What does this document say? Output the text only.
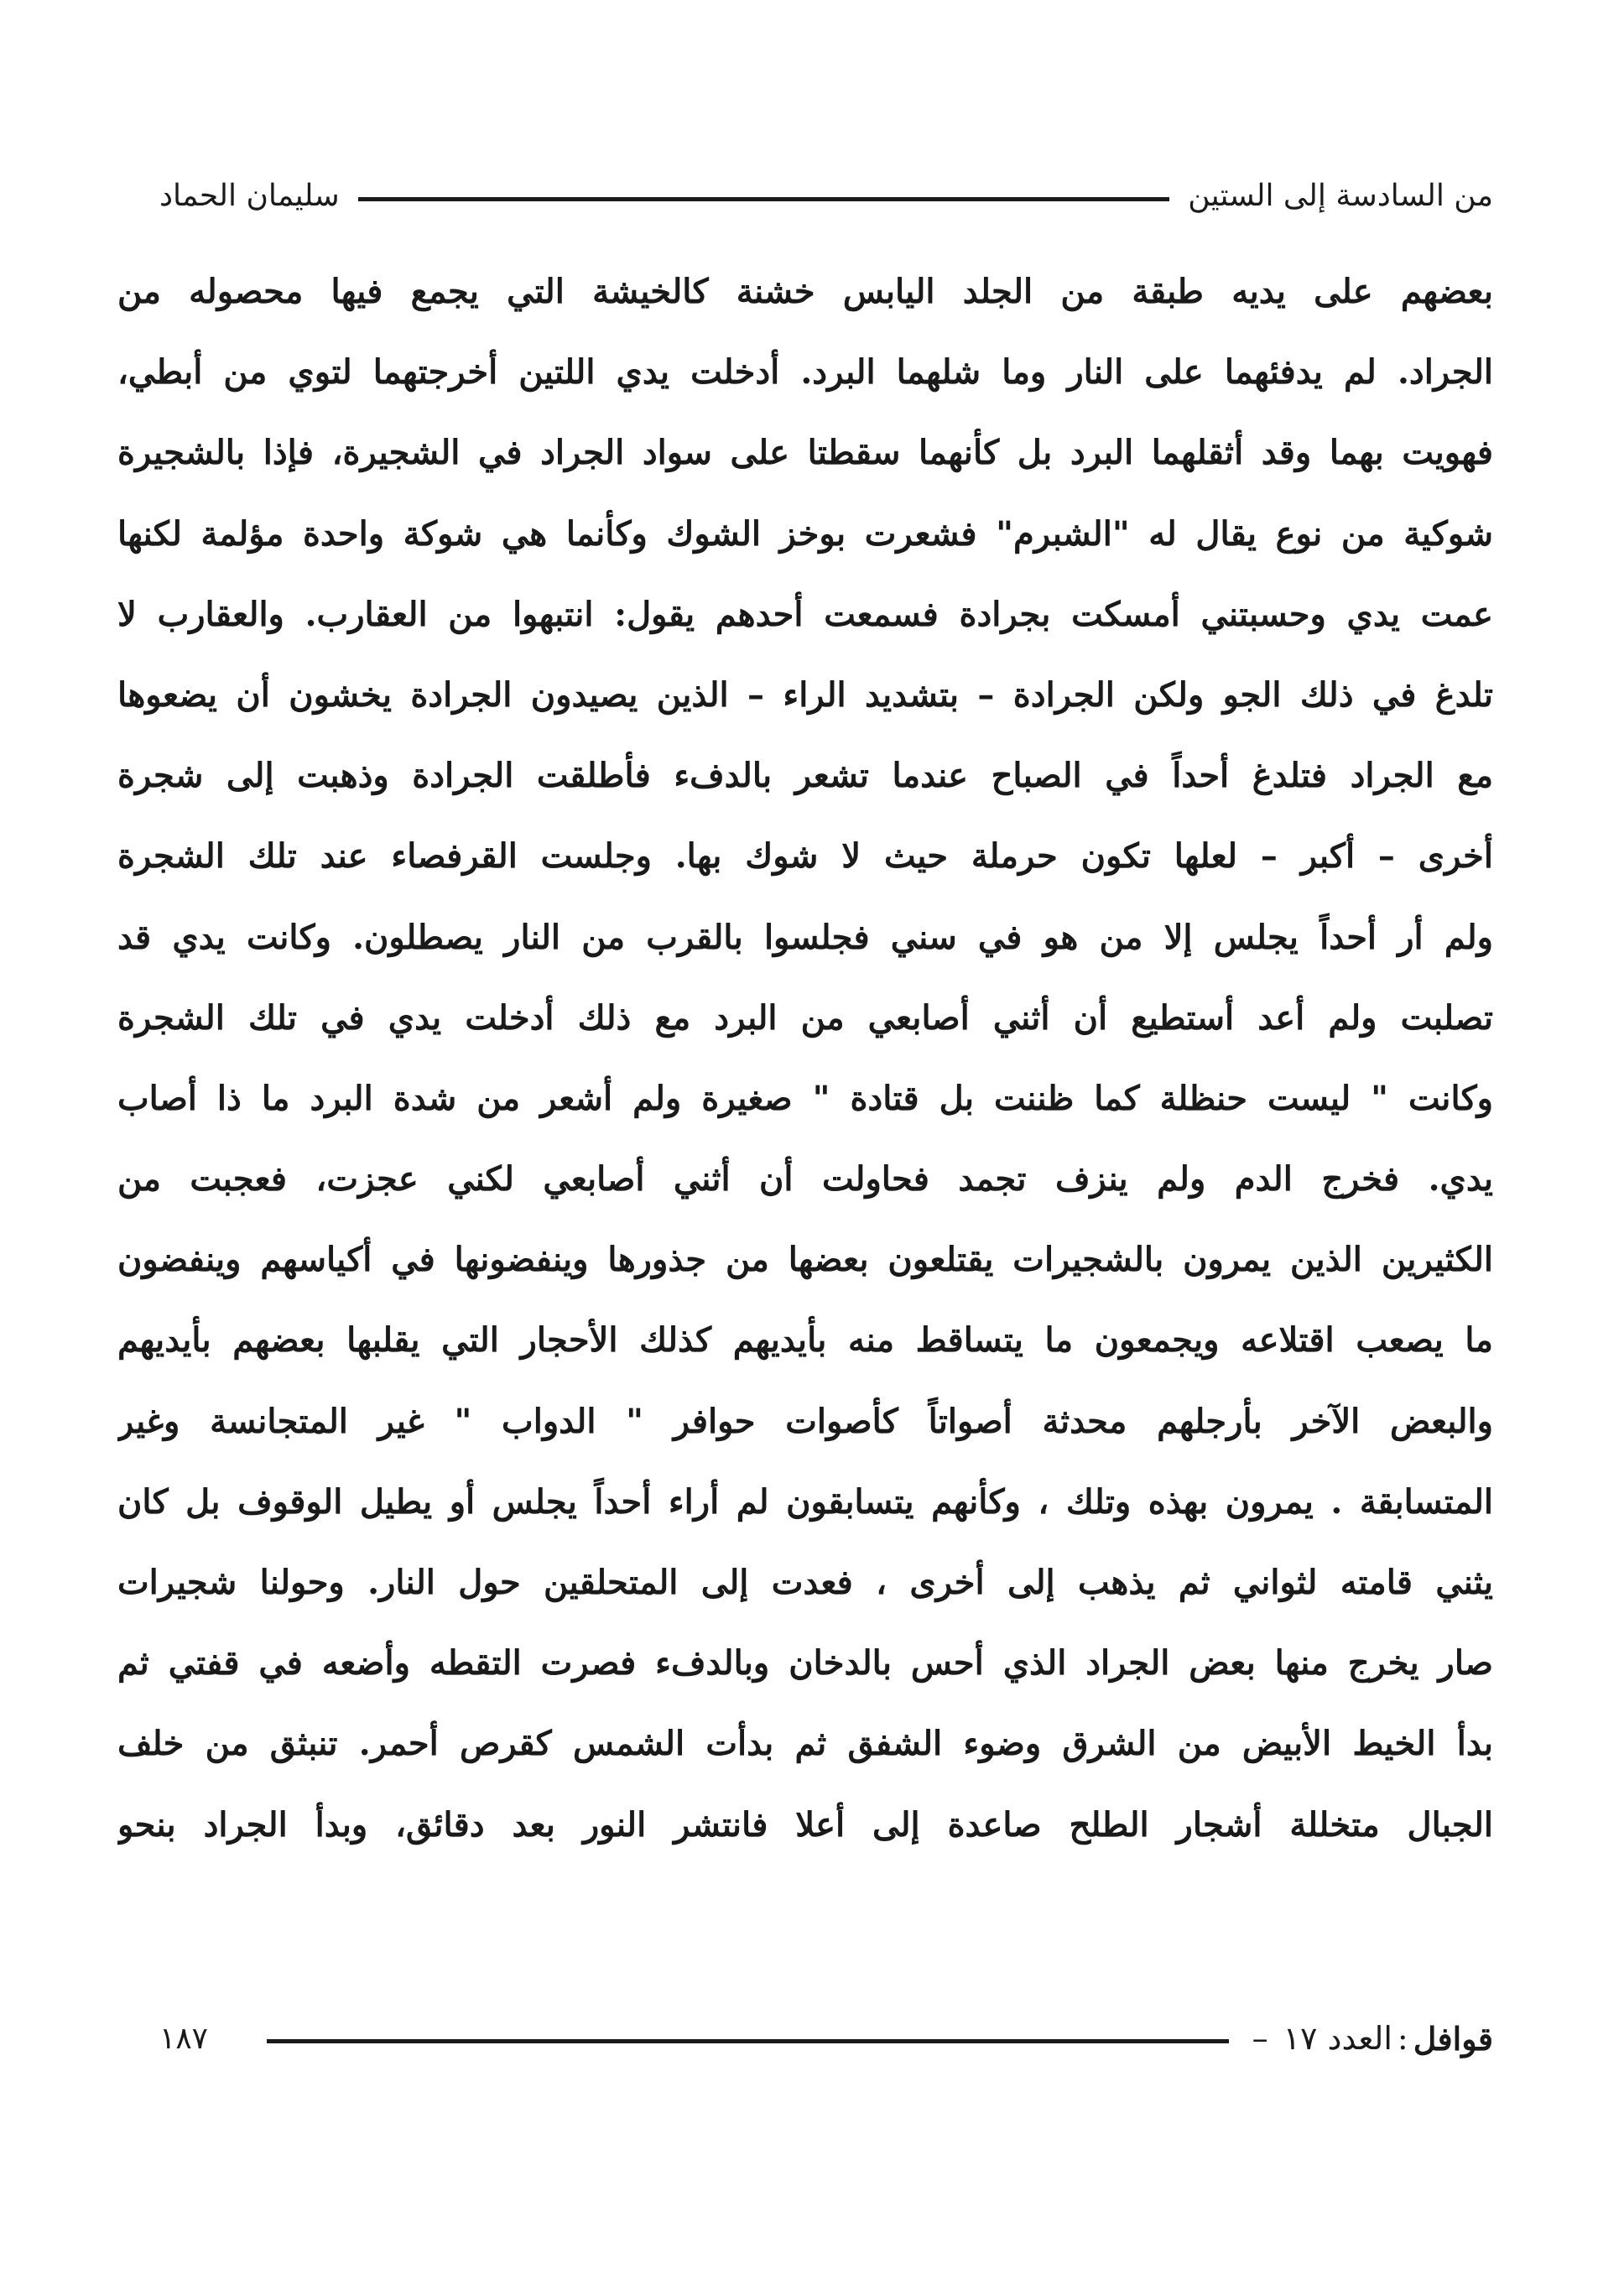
من السادسة إلى الستين
سليمان الحماد
بعضهم على يديه طبقة من الجلد اليابس خشنة كالخيشة التي يجمع فيها محصوله من
الجراد. لم يدفئهما على النار وما شلهما البرد. أدخلت يدي اللتين أخرجتهما لتوي من أبطي،
فهويت بهما وقد أثقلهما البرد بل كأنهما سقطتا على سواد الجراد في الشجيرة، فإذا بالشجيرة
شوكية من نوع يقال له "الشبرم" فشعرت بوخز الشوك وكأنما هي شوكة واحدة مؤلمة لكنها
عمت يدي وحسبتني أمسكت بجرادة فسمعت أحدهم يقول: انتبهوا من العقارب. والعقارب لا
تلدغ في ذلك الجو ولكن الجرادة – بتشديد الراء – الذين يصيدون الجرادة يخشون أن يضعوها
مع الجراد فتلدغ أحداً في الصباح عندما تشعر بالدفء فأطلقت الجرادة وذهبت إلى شجرة
أخرى – أكبر – لعلها تكون حرملة حيث لا شوك بها. وجلست القرفصاء عند تلك الشجرة
ولم أر أحداً يجلس إلا من هو في سني فجلسوا بالقرب من النار يصطلون. وكانت يدي قد
تصلبت ولم أعد أستطيع أن أثني أصابعي من البرد مع ذلك أدخلت يدي في تلك الشجرة
وكانت " ليست حنظلة كما ظننت بل قتادة " صغيرة ولم أشعر من شدة البرد ما ذا أصاب
يدي. فخرج الدم ولم ينزف تجمد فحاولت أن أثني أصابعي لكني عجزت، فعجبت من
الكثيرين الذين يمرون بالشجيرات يقتلعون بعضها من جذورها وينفضونها في أكياسهم وينفضون
ما يصعب اقتلاعه ويجمعون ما يتساقط منه بأيديهم كذلك الأحجار التي يقلبها بعضهم بأيديهم
والبعض الآخر بأرجلهم محدثة أصواتاً كأصوات حوافر " الدواب " غير المتجانسة وغير
المتسابقة . يمرون بهذه وتلك ، وكأنهم يتسابقون لم أراء أحداً يجلس أو يطيل الوقوف بل كان
يثني قامته لثواني ثم يذهب إلى أخرى ، فعدت إلى المتحلقين حول النار. وحولنا شجيرات
صار يخرج منها بعض الجراد الذي أحس بالدخان وبالدفء فصرت التقطه وأضعه في قفتي ثم
بدأ الخيط الأبيض من الشرق وضوء الشفق ثم بدأت الشمس كقرص أحمر. تنبثق من خلف
الجبال متخللة أشجار الطلح صاعدة إلى أعلا فانتشر النور بعد دقائق، وبدأ الجراد بنحو
قوافل
:
العدد ١٧
–
١٨٧
